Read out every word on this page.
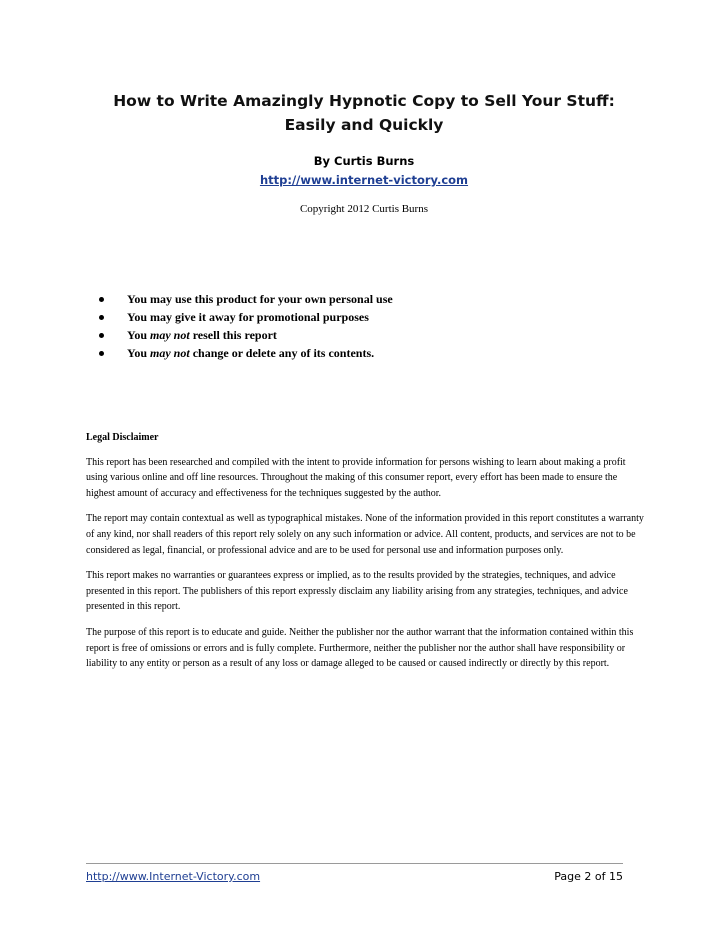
How to Write Amazingly Hypnotic Copy to Sell Your Stuff:
Easily and Quickly
By Curtis Burns
http://www.internet-victory.com
Copyright 2012 Curtis Burns
You may use this product for your own personal use
You may give it away for promotional purposes
You may not resell this report
You may not change or delete any of its contents.

Legal Disclaimer

This report has been researched and compiled with the intent to provide information for persons wishing to learn about making a profit using various online and off line resources. Throughout the making of this consumer report, every effort has been made to ensure the highest amount of accuracy and effectiveness for the techniques suggested by the author.

The report may contain contextual as well as typographical mistakes. None of the information provided in this report constitutes a warranty of any kind, nor shall readers of this report rely solely on any such information or advice. All content, products, and services are not to be considered as legal, financial, or professional advice and are to be used for personal use and information purposes only.

This report makes no warranties or guarantees express or implied, as to the results provided by the strategies, techniques, and advice presented in this report. The publishers of this report expressly disclaim any liability arising from any strategies, techniques, and advice presented in this report.

The purpose of this report is to educate and guide. Neither the publisher nor the author warrant that the information contained within this report is free of omissions or errors and is fully complete. Furthermore, neither the publisher nor the author shall have responsibility or liability to any entity or person as a result of any loss or damage alleged to be caused or caused indirectly or directly by this report.

http://www.Internet-Victory.com	Page 2 of 15
